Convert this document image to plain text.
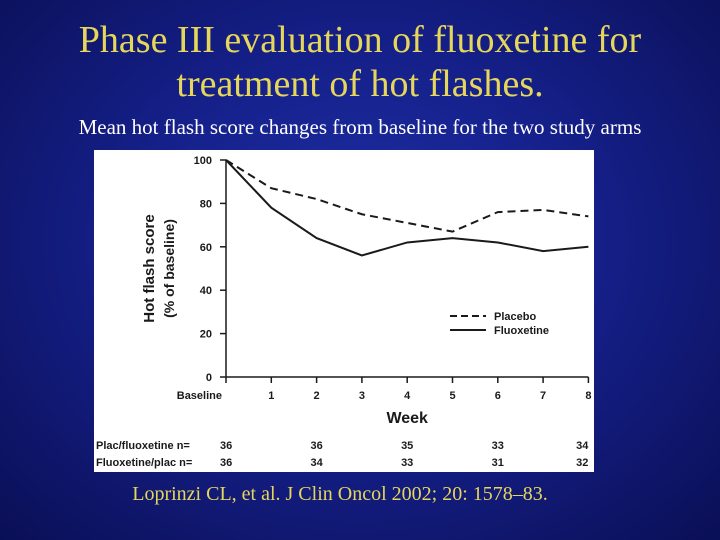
Phase III evaluation of fluoxetine for
treatment of hot flashes.
Mean hot flash score changes from baseline for the two study arms
0
20
40
60
80
100
Baseline	1	2	3	4	5	6	7	8
Week
Hot flash score (% of baseline)	Placebo
Fluoxetine
Plac/fluoxetine n=	36	36	35	33	34
Fluoxetine/plac n=	36	34	33	31	32
Loprinzi CL, et al. J Clin Oncol 2002; 20: 1578–83.
